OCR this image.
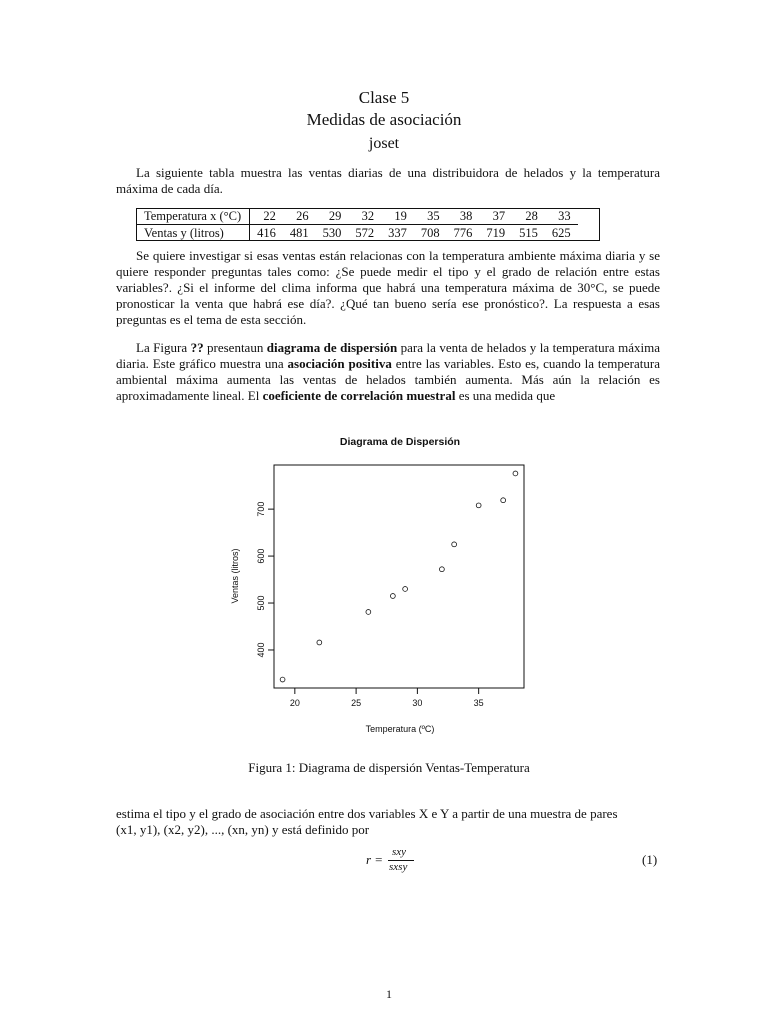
Clase 5
Medidas de asociación
joset
La siguiente tabla muestra las ventas diarias de una distribuidora de helados y la temperatura máxima de cada día.
Temperatura x (°C)	22	26	29	32	19	35	38	37	28	33
Ventas y (litros)	416	481	530	572	337	708	776	719	515	625
Se quiere investigar si esas ventas están relacionas con la temperatura ambiente máxima diaria y se quiere responder preguntas tales como: ¿Se puede medir el tipo y el grado de relación entre estas variables?. ¿Si el informe del clima informa que habrá una temperatura máxima de 30°C, se puede pronosticar la venta que habrá ese día?. ¿Qué tan bueno sería ese pronóstico?. La respuesta a esas preguntas es el tema de esta sección.
La Figura ?? presentaun diagrama de dispersión para la venta de helados y la temperatura máxima diaria. Este gráfico muestra una asociación positiva entre las variables. Esto es, cuando la temperatura ambiental máxima aumenta las ventas de helados también aumenta. Más aún la relación es aproximadamente lineal. El coeficiente de correlación muestral es una medida que
Diagrama de Dispersión
20	25	30	35
400
500
600
700
Temperatura (ºC)
Ventas (litros)
Figura 1: Diagrama de dispersión Ventas-Temperatura
estima el tipo y el grado de asociación entre dos variables X e Y a partir de una muestra de pares
(x1, y1), (x2, y2), ..., (xn, yn) y está definido por
r = sxy
sxsy	(1)
1
